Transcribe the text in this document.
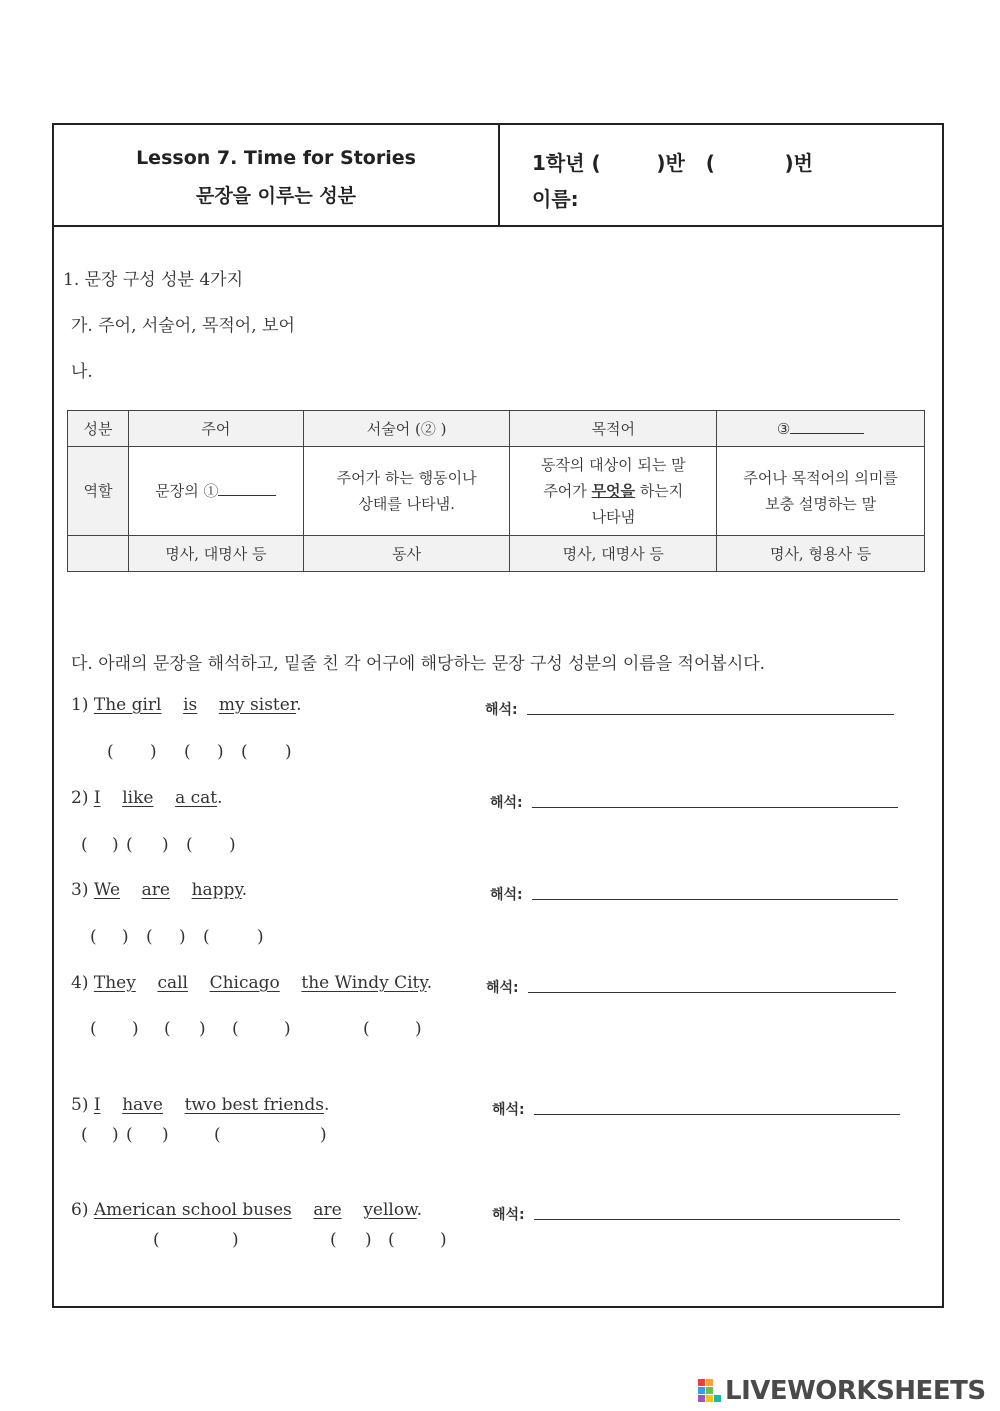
Lesson 7. Time for Stories
문장을 이루는 성분
1학년 (	)반 (	)번
이름:
1. 문장 구성 성분 4가지
가. 주어, 서술어, 목적어, 보어
나.
성분	주어	서술어 (② )	목적어	③
역할	문장의 ①	주어가 하는 행동이나
상태를 나타냄.	동작의 대상이 되는 말
주어가 무엇을 하는지
나타냄	주어나 목적어의 의미를
보충 설명하는 말
	명사, 대명사 등	동사	명사, 대명사 등	명사, 형용사 등
다. 아래의 문장을 해석하고, 밑줄 친 각 어구에 해당하는 문장 구성 성분의 이름을 적어봅시다.
1) The girl is my sister.	해석:
( ) ( ) ( )
2) I like a cat.	해석:
( ) ( ) ( )
3) We are happy.	해석:
( ) ( ) (	)
4) They call Chicago the Windy City.	해석:
( ) ( ) (	)	(	)
5) I have two best friends.	해석:
( ) ( )	(	)
6) American school buses are yellow.	해석:
(	)	( ) (	)
LIVEWORKSHEETS
